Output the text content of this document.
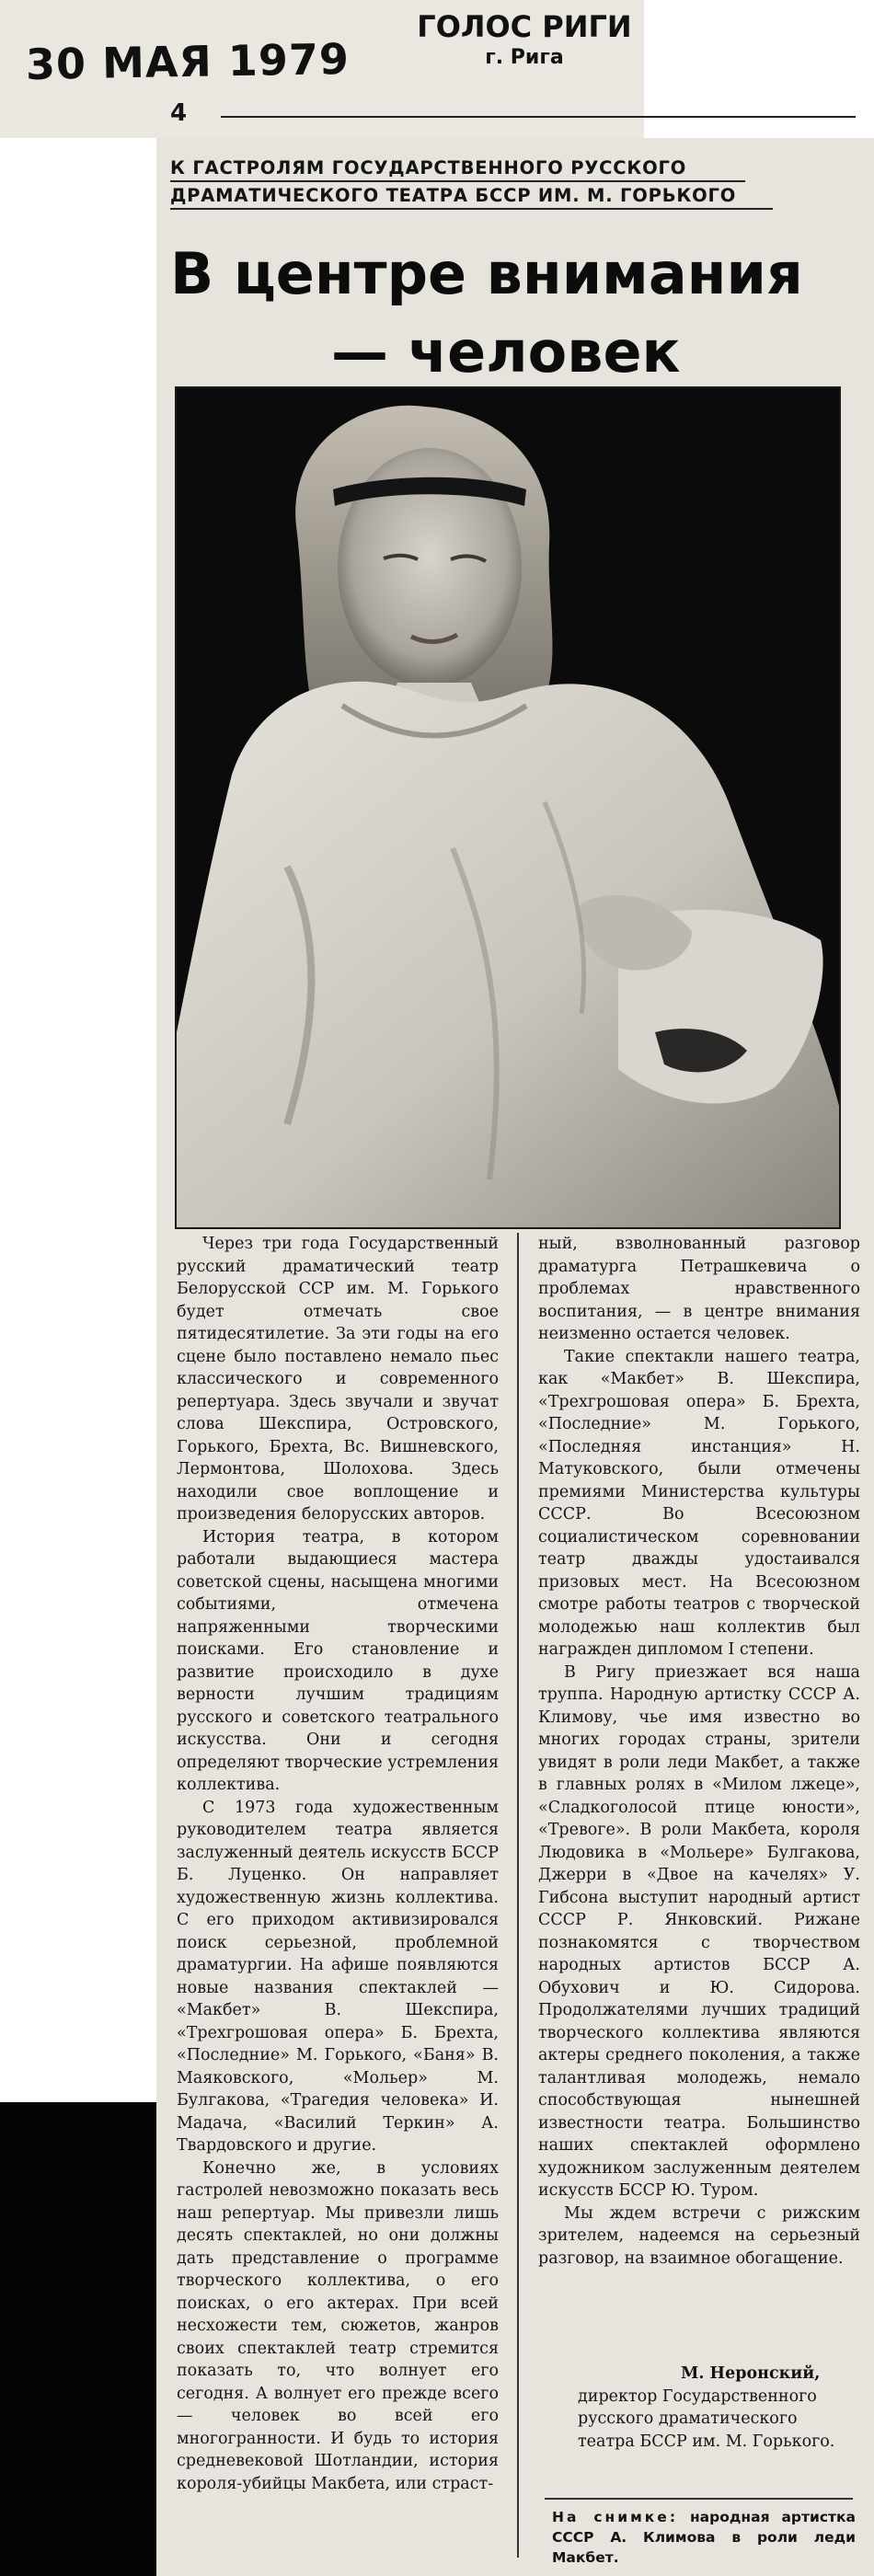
30 МАЯ 1979
ГОЛОС РИГИ
г. Рига
4
К ГАСТРОЛЯМ ГОСУДАРСТВЕННОГО РУССКОГО
ДРАМАТИЧЕСКОГО ТЕАТРА БССР ИМ. М. ГОРЬКОГО
В центре внимания
— человек

Через три года Государственный русский драматический театр Белорусской ССР им. М. Горького будет отмечать свое пятидесятилетие. За эти годы на его сцене было поставлено немало пьес классического и современного репертуара. Здесь звучали и звучат слова Шекспира, Островского, Горького, Брехта, Вс. Вишневского, Лермонтова, Шолохова. Здесь находили свое воплощение и произведения белорусских авторов.

История театра, в котором работали выдающиеся мастера советской сцены, насыщена многими событиями, отмечена напряженными творческими поисками. Его становление и развитие происходило в духе верности лучшим традициям русского и советского театрального искусства. Они и сегодня определяют творческие устремления коллектива.

С 1973 года художественным руководителем театра является заслуженный деятель искусств БССР Б. Луценко. Он направляет художественную жизнь коллектива. С его приходом активизировался поиск серьезной, проблемной драматургии. На афише появляются новые названия спектаклей — «Макбет» В. Шекспира, «Трехгрошовая опера» Б. Брехта, «Последние» М. Горького, «Баня» В. Маяковского, «Мольер» М. Булгакова, «Трагедия человека» И. Мадача, «Василий Теркин» А. Твардовского и другие.

Конечно же, в условиях гастролей невозможно показать весь наш репертуар. Мы привезли лишь десять спектаклей, но они должны дать представление о программе творческого коллектива, о его поисках, о его актерах. При всей несхожести тем, сюжетов, жанров своих спектаклей театр стремится показать то, что волнует его сегодня. А волнует его прежде всего — человек во всей его многогранности. И будь то история средневековой Шотландии, история короля-убийцы Макбета, или страст-

ный, взволнованный разговор драматурга Петрашкевича о проблемах нравственного воспитания, — в центре внимания неизменно остается человек.

Такие спектакли нашего театра, как «Макбет» В. Шекспира, «Трехгрошовая опера» Б. Брехта, «Последние» М. Горького, «Последняя инстанция» Н. Матуковского, были отмечены премиями Министерства культуры СССР. Во Всесоюзном социалистическом соревновании театр дважды удостаивался призовых мест. На Всесоюзном смотре работы театров с творческой молодежью наш коллектив был награжден дипломом I степени.

В Ригу приезжает вся наша труппа. Народную артистку СССР А. Климову, чье имя известно во многих городах страны, зрители увидят в роли леди Макбет, а также в главных ролях в «Милом лжеце», «Сладкоголосой птице юности», «Тревоге». В роли Макбета, короля Людовика в «Мольере» Булгакова, Джерри в «Двое на качелях» У. Гибсона выступит народный артист СССР Р. Янковский. Рижане познакомятся с творчеством народных артистов БССР А. Обухович и Ю. Сидорова. Продолжателями лучших традиций творческого коллектива являются актеры среднего поколения, а также талантливая молодежь, немало способствующая нынешней известности театра. Большинство наших спектаклей оформлено художником заслуженным деятелем искусств БССР Ю. Туром.

Мы ждем встречи с рижским зрителем, надеемся на серьезный разговор, на взаимное обогащение.

М. Неронский,
директор Государственного русского драматического театра БССР им. М. Горького.
На снимке: народная артистка СССР А. Климова в роли леди Макбет.
